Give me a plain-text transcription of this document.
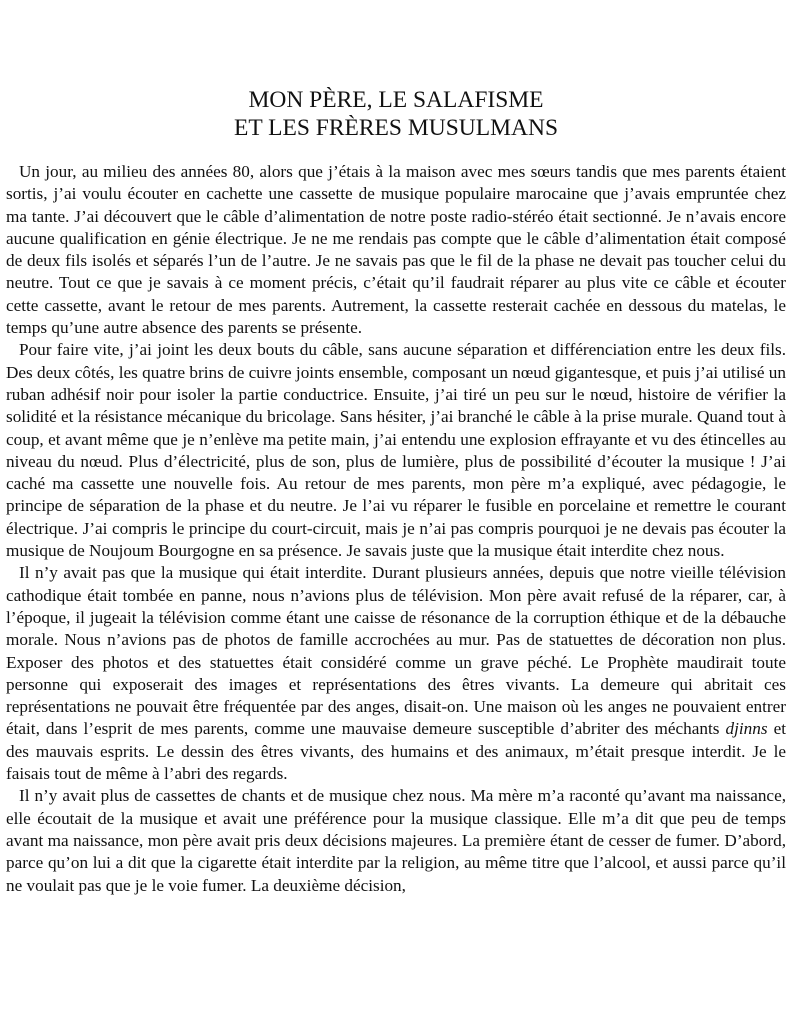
MON PÈRE, LE SALAFISME
ET LES FRÈRES MUSULMANS

Un jour, au milieu des années 80, alors que j’étais à la maison avec mes sœurs tandis que mes parents étaient sortis, j’ai voulu écouter en cachette une cassette de musique populaire marocaine que j’avais empruntée chez ma tante. J’ai découvert que le câble d’alimentation de notre poste radio-stéréo était sectionné. Je n’avais encore aucune qualification en génie électrique. Je ne me rendais pas compte que le câble d’alimentation était composé de deux fils isolés et séparés l’un de l’autre. Je ne savais pas que le fil de la phase ne devait pas toucher celui du neutre. Tout ce que je savais à ce moment précis, c’était qu’il faudrait réparer au plus vite ce câble et écouter cette cassette, avant le retour de mes parents. Autrement, la cassette resterait cachée en dessous du matelas, le temps qu’une autre absence des parents se présente.

Pour faire vite, j’ai joint les deux bouts du câble, sans aucune séparation et différenciation entre les deux fils. Des deux côtés, les quatre brins de cuivre joints ensemble, composant un nœud gigantesque, et puis j’ai utilisé un ruban adhésif noir pour isoler la partie conductrice. Ensuite, j’ai tiré un peu sur le nœud, histoire de vérifier la solidité et la résistance mécanique du bricolage. Sans hésiter, j’ai branché le câble à la prise murale. Quand tout à coup, et avant même que je n’enlève ma petite main, j’ai entendu une explosion effrayante et vu des étincelles au niveau du nœud. Plus d’électricité, plus de son, plus de lumière, plus de possibilité d’écouter la musique ! J’ai caché ma cassette une nouvelle fois. Au retour de mes parents, mon père m’a expliqué, avec pédagogie, le principe de séparation de la phase et du neutre. Je l’ai vu réparer le fusible en porcelaine et remettre le courant électrique. J’ai compris le principe du court-circuit, mais je n’ai pas compris pourquoi je ne devais pas écouter la musique de Noujoum Bourgogne en sa présence. Je savais juste que la musique était interdite chez nous.

Il n’y avait pas que la musique qui était interdite. Durant plusieurs années, depuis que notre vieille télévision cathodique était tombée en panne, nous n’avions plus de télévision. Mon père avait refusé de la réparer, car, à l’époque, il jugeait la télévision comme étant une caisse de résonance de la corruption éthique et de la débauche morale. Nous n’avions pas de photos de famille accrochées au mur. Pas de statuettes de décoration non plus. Exposer des photos et des statuettes était considéré comme un grave péché. Le Prophète maudirait toute personne qui exposerait des images et représentations des êtres vivants. La demeure qui abritait ces représentations ne pouvait être fréquentée par des anges, disait-on. Une maison où les anges ne pouvaient entrer était, dans l’esprit de mes parents, comme une mauvaise demeure susceptible d’abriter des méchants djinns et des mauvais esprits. Le dessin des êtres vivants, des humains et des animaux, m’était presque interdit. Je le faisais tout de même à l’abri des regards.

Il n’y avait plus de cassettes de chants et de musique chez nous. Ma mère m’a raconté qu’avant ma naissance, elle écoutait de la musique et avait une préférence pour la musique classique. Elle m’a dit que peu de temps avant ma naissance, mon père avait pris deux décisions majeures. La première étant de cesser de fumer. D’abord, parce qu’on lui a dit que la cigarette était interdite par la religion, au même titre que l’alcool, et aussi parce qu’il ne voulait pas que je le voie fumer. La deuxième décision,
